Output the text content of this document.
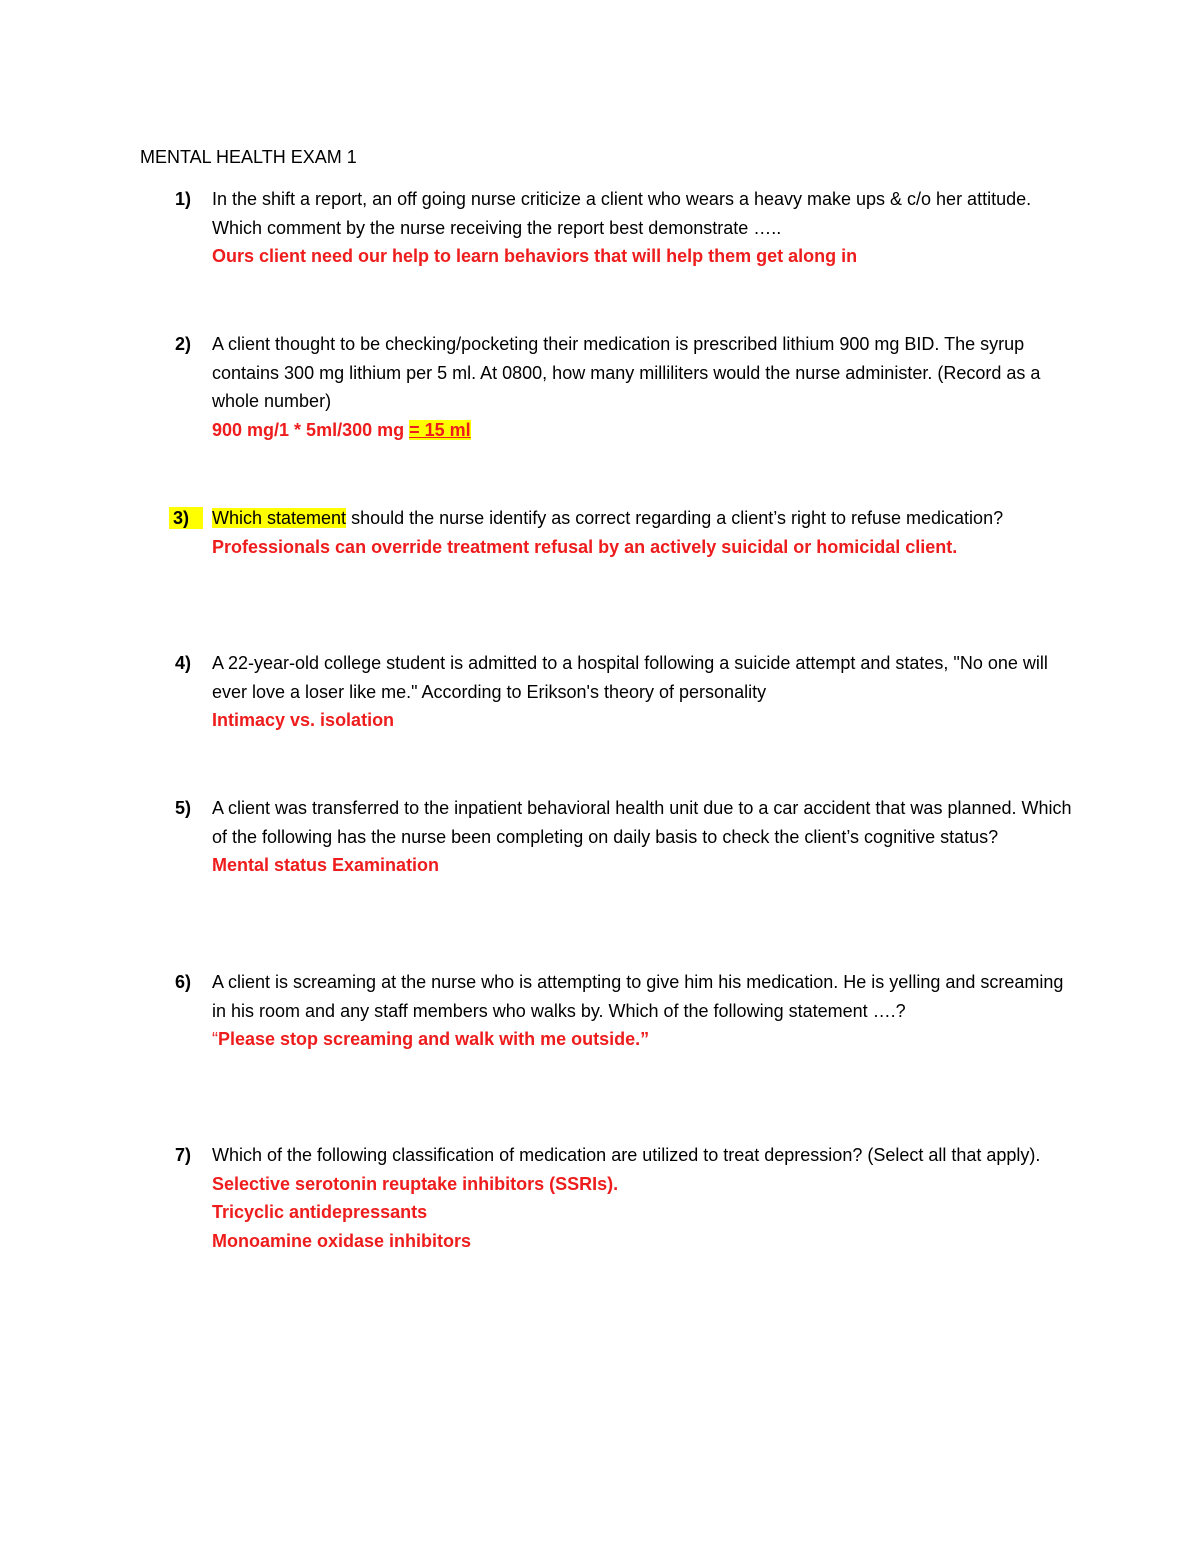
MENTAL HEALTH EXAM 1
1) In the shift a report, an off going nurse criticize a client who wears a heavy make ups & c/o her attitude. Which comment by the nurse receiving the report best demonstrate …..

Ours client need our help to learn behaviors that will help them get along in

2) A client thought to be checking/pocketing their medication is prescribed lithium 900 mg BID. The syrup contains 300 mg lithium per 5 ml. At 0800, how many milliliters would the nurse administer. (Record as a whole number)

900 mg/1 * 5ml/300 mg = 15 ml

3)	Which statement should the nurse identify as correct regarding a client’s right to refuse medication?

Professionals can override treatment refusal by an actively suicidal or homicidal client.

4) A 22-year-old college student is admitted to a hospital following a suicide attempt and states, "No one will ever love a loser like me." According to Erikson's theory of personality

Intimacy vs. isolation

5) A client was transferred to the inpatient behavioral health unit due to a car accident that was planned. Which of the following has the nurse been completing on daily basis to check the client’s cognitive status?

Mental status Examination

6) A client is screaming at the nurse who is attempting to give him his medication. He is yelling and screaming in his room and any staff members who walks by. Which of the following statement ….?

“Please stop screaming and walk with me outside.”

7) Which of the following classification of medication are utilized to treat depression? (Select all that apply).

Selective serotonin reuptake inhibitors (SSRIs).

Tricyclic antidepressants

Monoamine oxidase inhibitors
